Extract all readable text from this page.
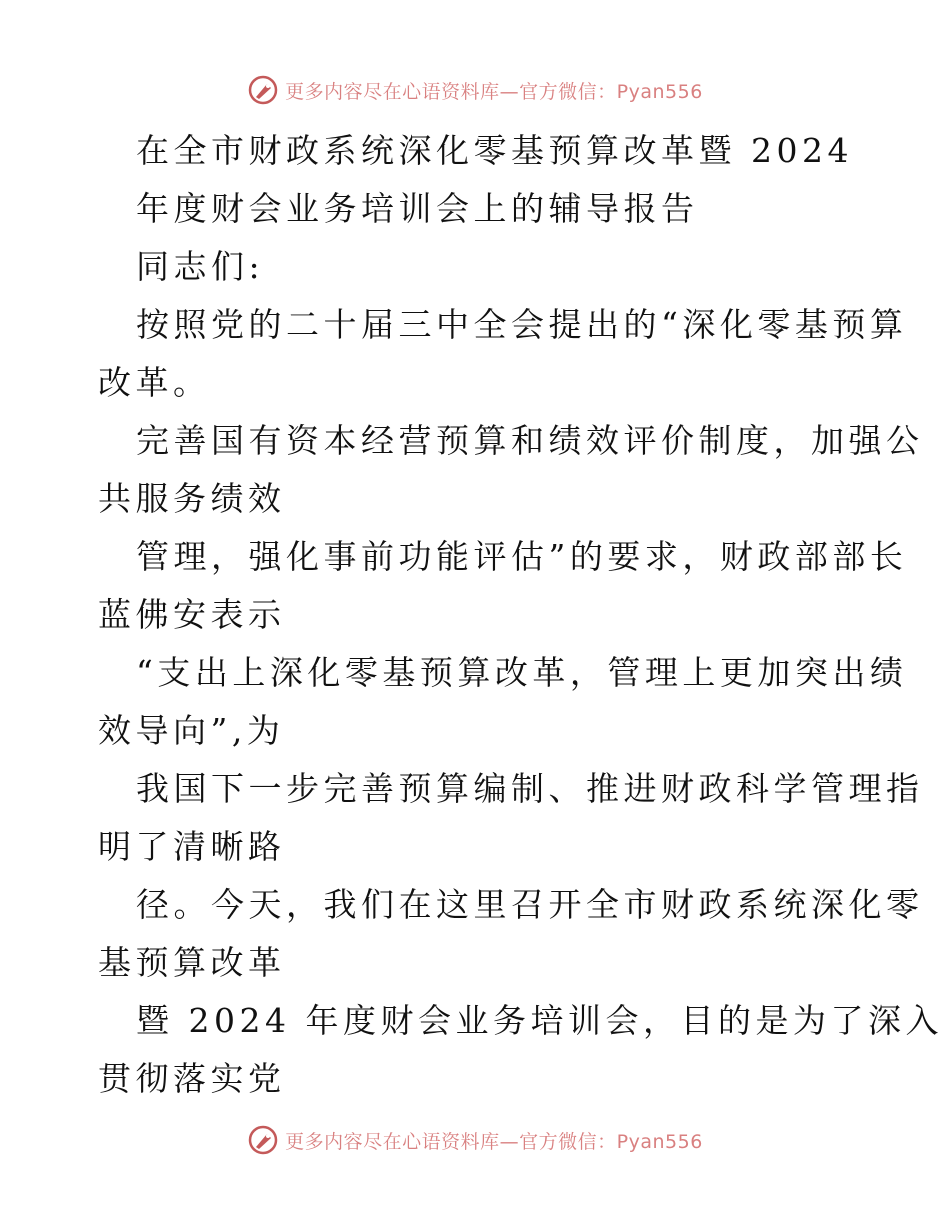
更多内容尽在心语资料库—官方微信：Pyan556
在全市财政系统深化零基预算改革暨 2024
年度财会业务培训会上的辅导报告
同志们:
按照党的二十届三中全会提出的“深化零基预算
改革。
完善国有资本经营预算和绩效评价制度，加强公
共服务绩效
管理，强化事前功能评估”的要求，财政部部长
蓝佛安表示
“支出上深化零基预算改革，管理上更加突出绩
效导向”,为
我国下一步完善预算编制、推进财政科学管理指
明了清晰路
径。今天，我们在这里召开全市财政系统深化零
基预算改革
暨 2024 年度财会业务培训会，目的是为了深入
贯彻落实党
更多内容尽在心语资料库—官方微信：Pyan556
